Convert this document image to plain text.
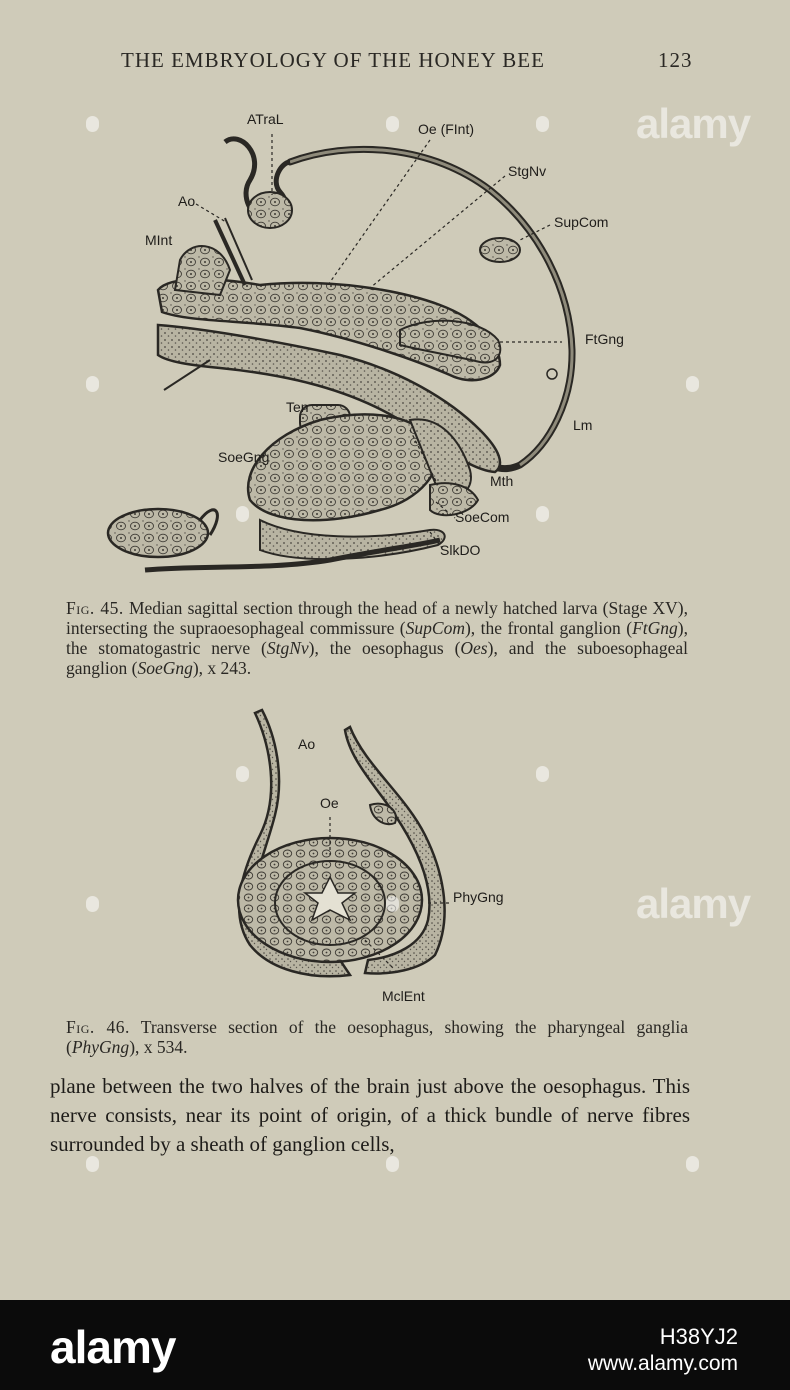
THE EMBRYOLOGY OF THE HONEY BEE	123
ATraL
Oe (FInt)
StgNv
SupCom
Ao
MInt
FtGng
Ten
Lm
SoeGng
Mth
SoeCom
SlkDO

Fig. 45. Median sagittal section through the head of a newly hatched larva (Stage XV), intersecting the supraoesophageal commissure (SupCom), the frontal ganglion (FtGng), the stomatogastric nerve (StgNv), the oesophagus (Oes), and the suboesophageal ganglion (SoeGng), x 243.

Ao
Oe
PhyGng
MclEnt

Fig. 46. Transverse section of the oesophagus, showing the pharyngeal ganglia (PhyGng), x 534.

plane between the two halves of the brain just above the oesophagus. This nerve consists, near its point of origin, of a thick bundle of nerve fibres surrounded by a sheath of ganglion cells,

alamy
alamy
alamy	H38YJ2
www.alamy.com
